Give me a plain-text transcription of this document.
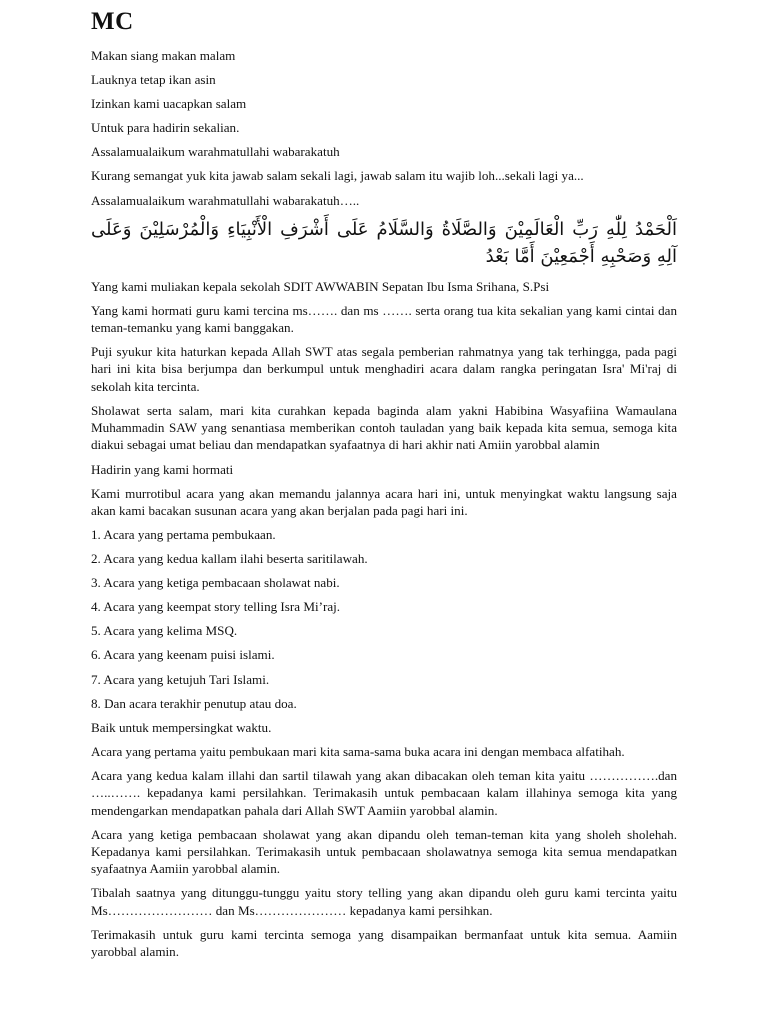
MC
Makan siang makan malam
Lauknya tetap ikan asin
Izinkan kami uacapkan salam
Untuk para hadirin sekalian.
Assalamualaikum warahmatullahi wabarakatuh
Kurang semangat yuk kita jawab salam sekali lagi, jawab salam itu wajib loh...sekali lagi ya...
Assalamualaikum warahmatullahi wabarakatuh…..
اَلْحَمْدُ لِلّٰهِ رَبِّ الْعَالَمِيْنَ وَالصَّلَاةُ وَالسَّلَامُ عَلَى أَشْرَفِ الْأَنْبِيَاءِ وَالْمُرْسَلِيْنَ وَعَلَى آلِهِ وَصَحْبِهِ أَجْمَعِيْنَ أَمَّا بَعْدُ
Yang kami muliakan kepala sekolah SDIT AWWABIN Sepatan Ibu Isma Srihana, S.Psi
Yang kami hormati guru kami tercina ms……. dan ms ……. serta orang tua kita sekalian yang kami cintai dan teman-temanku yang kami banggakan.
Puji syukur kita haturkan kepada Allah SWT atas segala pemberian rahmatnya yang tak terhingga, pada pagi hari ini kita bisa berjumpa dan berkumpul untuk menghadiri acara dalam rangka peringatan Isra' Mi'raj di sekolah kita tercinta.
Sholawat serta salam, mari kita curahkan kepada baginda alam yakni Habibina Wasyafiina Wamaulana Muhammadin SAW yang senantiasa memberikan contoh tauladan yang baik kepada kita semua, semoga kita diakui sebagai umat beliau dan mendapatkan syafaatnya di hari akhir nati Amiin yarobbal alamin
Hadirin yang kami hormati
Kami murrotibul acara yang akan memandu jalannya acara hari ini, untuk menyingkat waktu langsung saja akan kami bacakan susunan acara yang akan berjalan pada pagi hari ini.
1. Acara yang pertama pembukaan.
2. Acara yang kedua kallam ilahi beserta saritilawah.
3. Acara yang ketiga pembacaan sholawat nabi.
4. Acara yang keempat story telling Isra Mi’raj.
5. Acara yang kelima MSQ.
6. Acara yang keenam puisi islami.
7. Acara yang ketujuh Tari Islami.
8. Dan acara terakhir penutup atau doa.
Baik untuk mempersingkat waktu.
Acara yang pertama yaitu pembukaan mari kita sama-sama buka acara ini dengan membaca alfatihah.
Acara yang kedua kalam illahi dan sartil tilawah yang akan dibacakan oleh teman kita yaitu …………….dan …..……. kepadanya kami persilahkan. Terimakasih untuk pembacaan kalam illahinya semoga kita yang mendengarkan mendapatkan pahala dari Allah SWT Aamiin yarobbal alamin.
Acara yang ketiga pembacaan sholawat yang akan dipandu oleh teman-teman kita yang sholeh sholehah. Kepadanya kami persilahkan. Terimakasih untuk pembacaan sholawatnya semoga kita semua mendapatkan syafaatnya Aamiin yarobbal alamin.
Tibalah saatnya yang ditunggu-tunggu yaitu story telling yang akan dipandu oleh guru kami tercinta yaitu Ms…………………… dan Ms………………… kepadanya kami persihkan.
Terimakasih untuk guru kami tercinta semoga yang disampaikan bermanfaat untuk kita semua. Aamiin yarobbal alamin.
